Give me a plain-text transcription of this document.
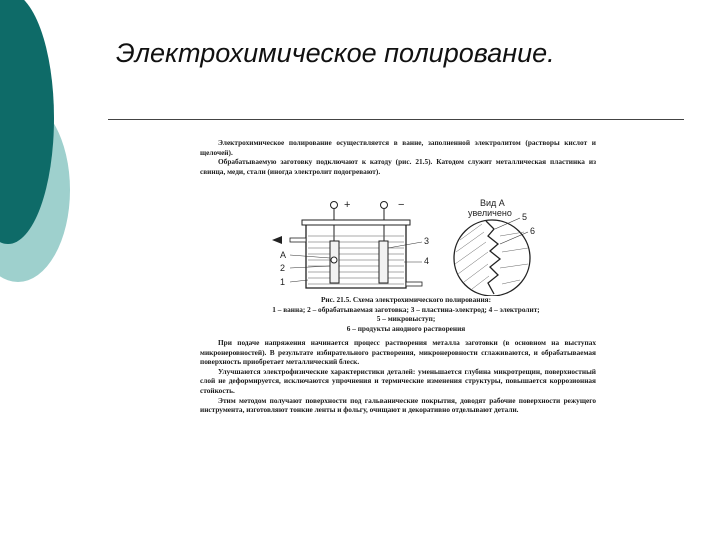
Электрохимическое полирование.

Электрохимическое полирование осуществляется в ванне, заполненной электролитом (растворы кислот и щелочей).

Обрабатываемую заготовку подключают к катоду (рис. 21.5). Катодом служит металлическая пластинка из свинца, меди, стали (иногда электролит подогревают).

+	−
А
2
1
3
4
Вид А
увеличено 5
6
Рис. 21.5. Схема электрохимического полирования:
1 – ванна; 2 – обрабатываемая заготовка; 3 – пластина-электрод; 4 – электролит;
5 – микровыступ;
6 – продукты анодного растворения

При подаче напряжения начинается процесс растворения металла заготовки (в основном на выступах микронеровностей). В результате избирательного растворения, микронеровности сглаживаются, и обрабатываемая поверхность приобретает металлический блеск.

Улучшаются электрофизические характеристики деталей: уменьшается глубина микротрещин, поверхностный слой не деформируется, исключаются упрочнения и термические изменения структуры, повышается коррозионная стойкость.

Этим методом получают поверхности под гальванические покрытия, доводят рабочие поверхности режущего инструмента, изготовляют тонкие ленты и фольгу, очищают и декоративно отделывают детали.
